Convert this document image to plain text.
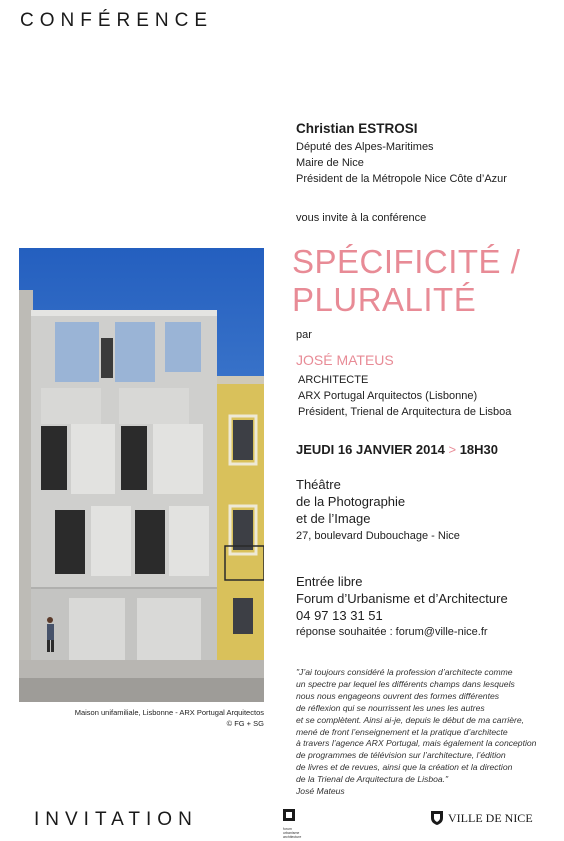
CONFÉRENCE
Christian ESTROSI
Député des Alpes-Maritimes
Maire de Nice
Président de la Métropole Nice Côte d’Azur
vous invite à la conférence
SPÉCIFICITÉ /
PLURALITÉ
par
JOSÉ MATEUS
ARCHITECTE
ARX Portugal Arquitectos (Lisbonne)
Président, Trienal de Arquitectura de Lisboa
JEUDI 16 JANVIER 2014 > 18H30
Théâtre
de la Photographie
et de l’Image
27, boulevard Dubouchage - Nice
Entrée libre
Forum d’Urbanisme et d’Architecture
04 97 13 31 51
réponse souhaitée : forum@ville-nice.fr
"J’ai toujours considéré la profession d’architecte comme
un spectre par lequel les différents champs dans lesquels
nous nous engageons ouvrent des formes différentes
de réflexion qui se nourrissent les unes les autres
et se complètent. Ainsi ai-je, depuis le début de ma carrière,
mené de front l’enseignement et la pratique d’architecte
à travers l’agence ARX Portugal, mais également la conception
de programmes de télévision sur l’architecture, l’édition
de livres et de revues, ainsi que la création et la direction
de la Trienal de Arquitectura de Lisboa."
José Mateus
Maison unifamiliale, Lisbonne - ARX Portugal Arquitectos
© FG + SG
INVITATION	forum
urbanisme
architecture
VILLE DE NICE
